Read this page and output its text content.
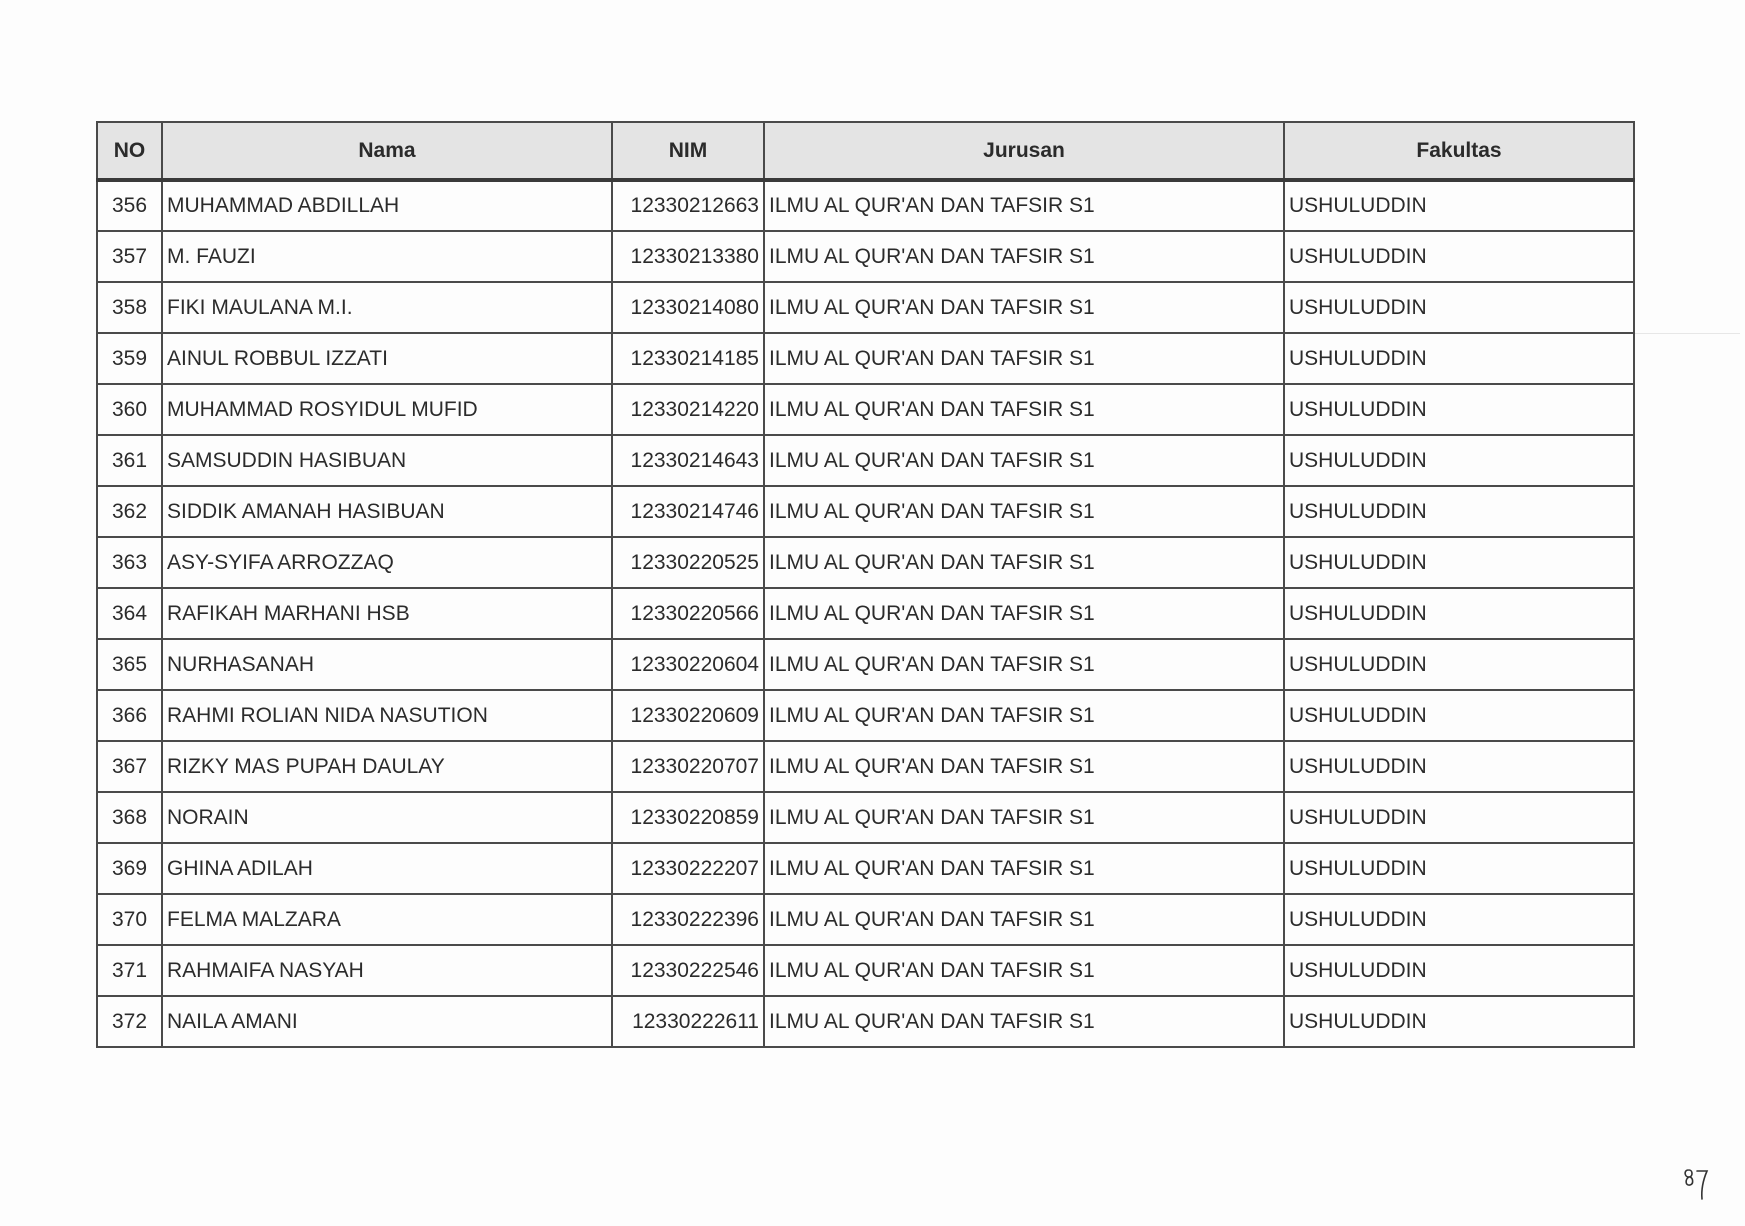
NO	Nama	NIM	Jurusan	Fakultas
356	MUHAMMAD ABDILLAH	12330212663	ILMU AL QUR'AN DAN TAFSIR S1	USHULUDDIN
357	M. FAUZI	12330213380	ILMU AL QUR'AN DAN TAFSIR S1	USHULUDDIN
358	FIKI MAULANA M.I.	12330214080	ILMU AL QUR'AN DAN TAFSIR S1	USHULUDDIN
359	AINUL ROBBUL IZZATI	12330214185	ILMU AL QUR'AN DAN TAFSIR S1	USHULUDDIN
360	MUHAMMAD ROSYIDUL MUFID	12330214220	ILMU AL QUR'AN DAN TAFSIR S1	USHULUDDIN
361	SAMSUDDIN HASIBUAN	12330214643	ILMU AL QUR'AN DAN TAFSIR S1	USHULUDDIN
362	SIDDIK AMANAH HASIBUAN	12330214746	ILMU AL QUR'AN DAN TAFSIR S1	USHULUDDIN
363	ASY-SYIFA ARROZZAQ	12330220525	ILMU AL QUR'AN DAN TAFSIR S1	USHULUDDIN
364	RAFIKAH MARHANI HSB	12330220566	ILMU AL QUR'AN DAN TAFSIR S1	USHULUDDIN
365	NURHASANAH	12330220604	ILMU AL QUR'AN DAN TAFSIR S1	USHULUDDIN
366	RAHMI ROLIAN NIDA NASUTION	12330220609	ILMU AL QUR'AN DAN TAFSIR S1	USHULUDDIN
367	RIZKY MAS PUPAH DAULAY	12330220707	ILMU AL QUR'AN DAN TAFSIR S1	USHULUDDIN
368	NORAIN	12330220859	ILMU AL QUR'AN DAN TAFSIR S1	USHULUDDIN
369	GHINA ADILAH	12330222207	ILMU AL QUR'AN DAN TAFSIR S1	USHULUDDIN
370	FELMA MALZARA	12330222396	ILMU AL QUR'AN DAN TAFSIR S1	USHULUDDIN
371	RAHMAIFA NASYAH	12330222546	ILMU AL QUR'AN DAN TAFSIR S1	USHULUDDIN
372	NAILA AMANI	12330222611	ILMU AL QUR'AN DAN TAFSIR S1	USHULUDDIN
